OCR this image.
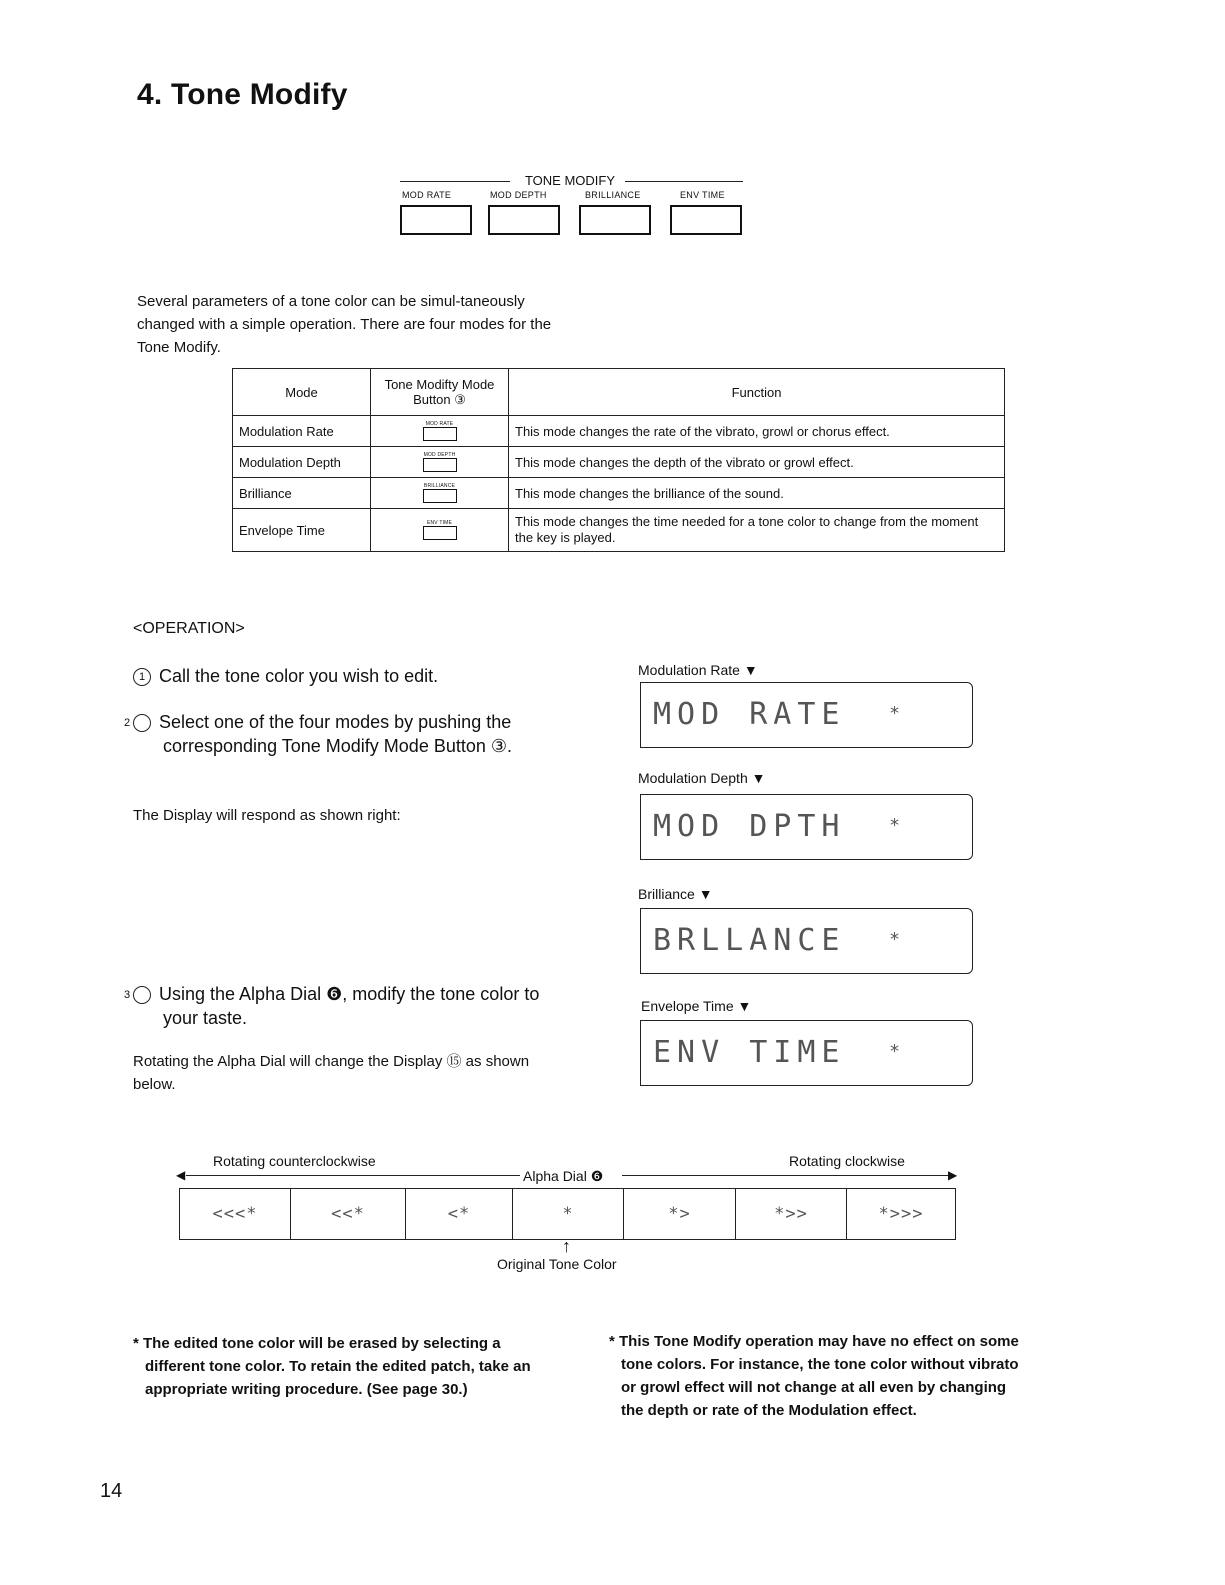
4. Tone Modify
TONE MODIFY
MOD RATE	MOD DEPTH	BRILLIANCE	ENV TIME
Several parameters of a tone color can be simul-taneously changed with a simple operation. There are four modes for the Tone Modify.
Mode	Tone Modifty Mode Button ③	Function
Modulation Rate	MOD RATE	This mode changes the rate of the vibrato, growl or chorus effect.
Modulation Depth	MOD DEPTH	This mode changes the depth of the vibrato or growl effect.
Brilliance	BRILLIANCE	This mode changes the brilliance of the sound.
Envelope Time	ENV TIME	This mode changes the time needed for a tone color to change from the moment the key is played.
<OPERATION>
1 Call the tone color you wish to edit.
2 Select one of the four modes by pushing the corresponding Tone Modify Mode Button ③.
The Display will respond as shown right:
3 Using the Alpha Dial ❻, modify the tone color to your taste.
Rotating the Alpha Dial will change the Display ⑮ as shown below.
Modulation Rate ▼
MOD RATE *
Modulation Depth ▼
MOD DPTH *
Brilliance ▼
BRLLANCE *
Envelope Time ▼
ENV TIME *
Rotating counterclockwise	Rotating clockwise
◀	Alpha Dial ❻	▶
<<<*	<<*	<*	*	*>	*>>	*>>>
↑
Original Tone Color
* The edited tone color will be erased by selecting a different tone color. To retain the edited patch, take an appropriate writing procedure. (See page 30.)
* This Tone Modify operation may have no effect on some tone colors. For instance, the tone color without vibrato or growl effect will not change at all even by changing the depth or rate of the Modulation effect.
14
